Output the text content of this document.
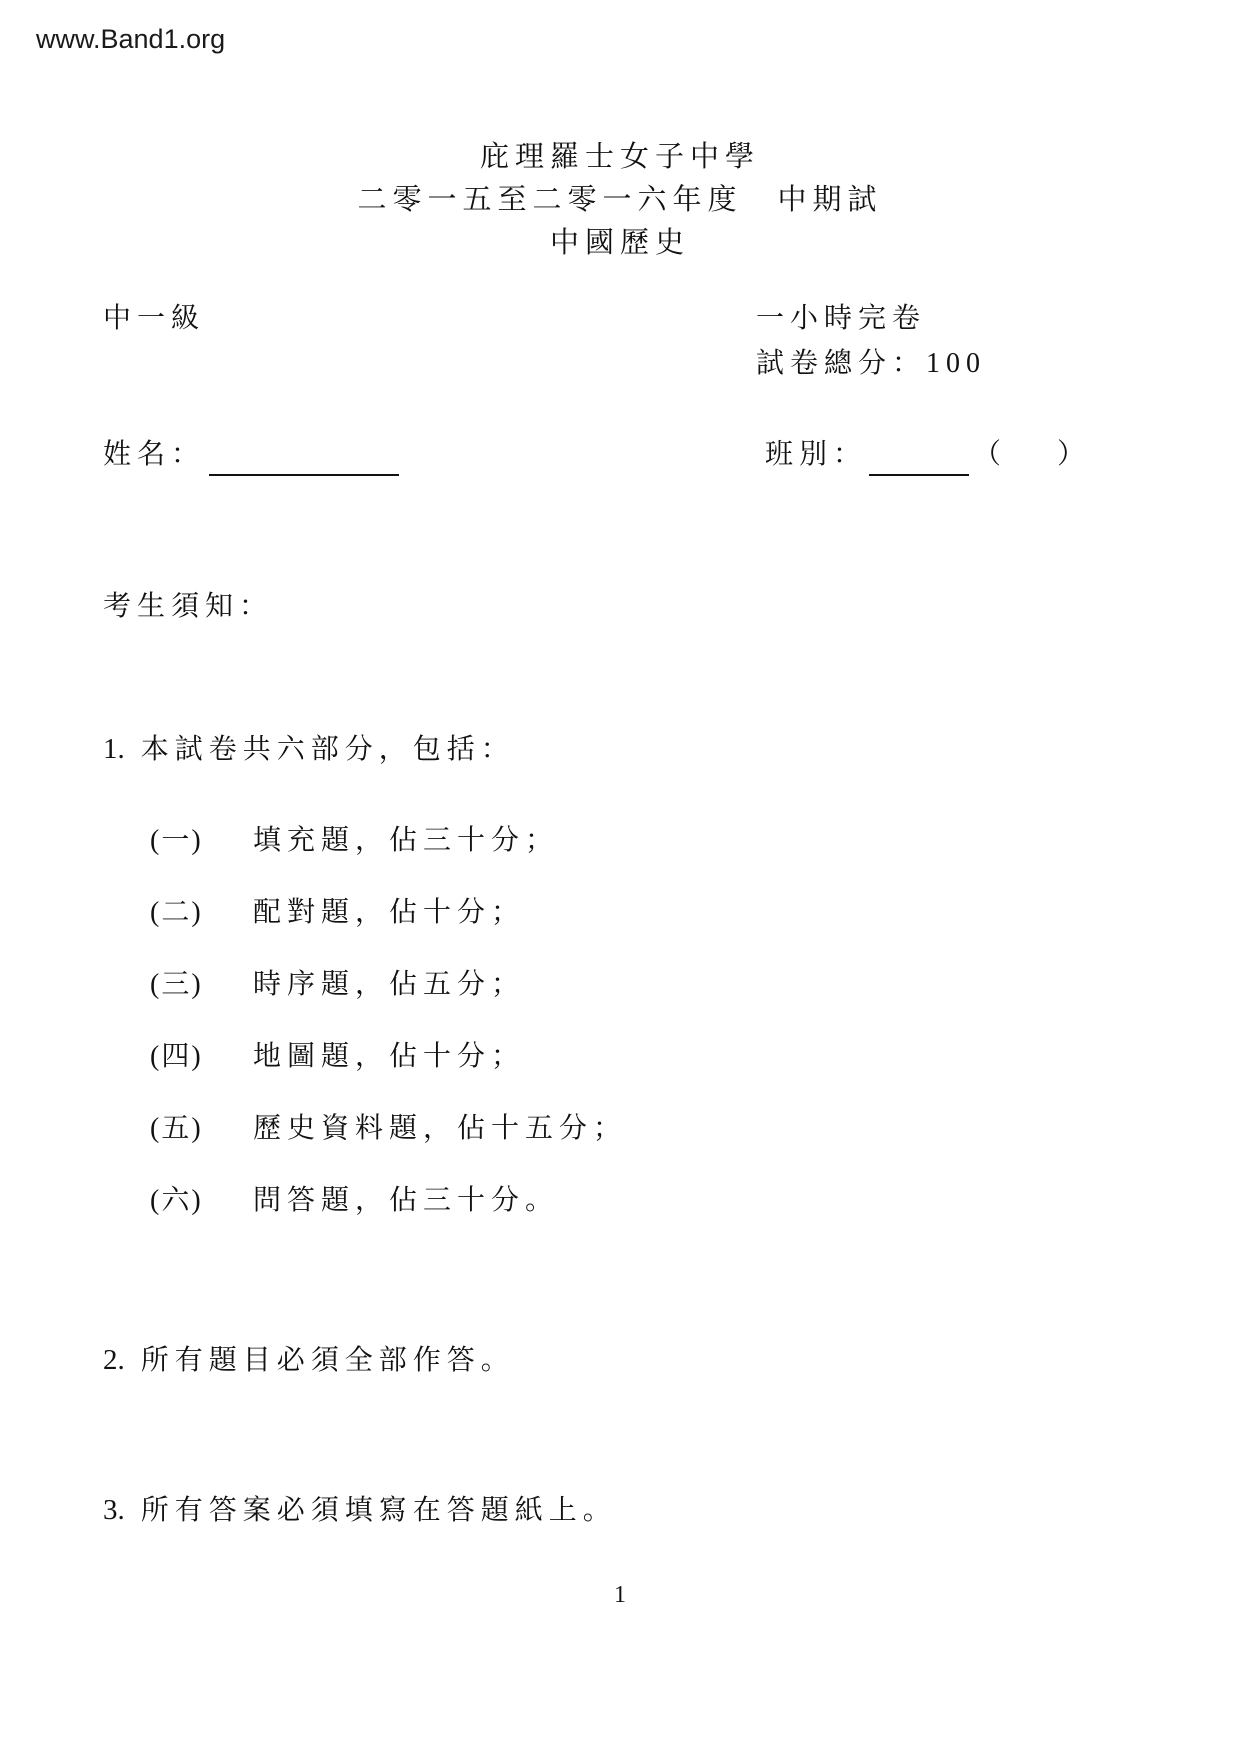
www.Band1.org
庇理羅士女子中學
二零一五至二零一六年度　中期試
中國歷史
中一級	一小時完卷
試卷總分：100
姓名：	班別：	（　　）
考生須知：
1. 本試卷共六部分，包括：
(一)	填充題，佔三十分；
(二)	配對題，佔十分；
(三)	時序題，佔五分；
(四)	地圖題，佔十分；
(五)	歷史資料題，佔十五分；
(六)	問答題，佔三十分。
2. 所有題目必須全部作答。
3. 所有答案必須填寫在答題紙上。
1
